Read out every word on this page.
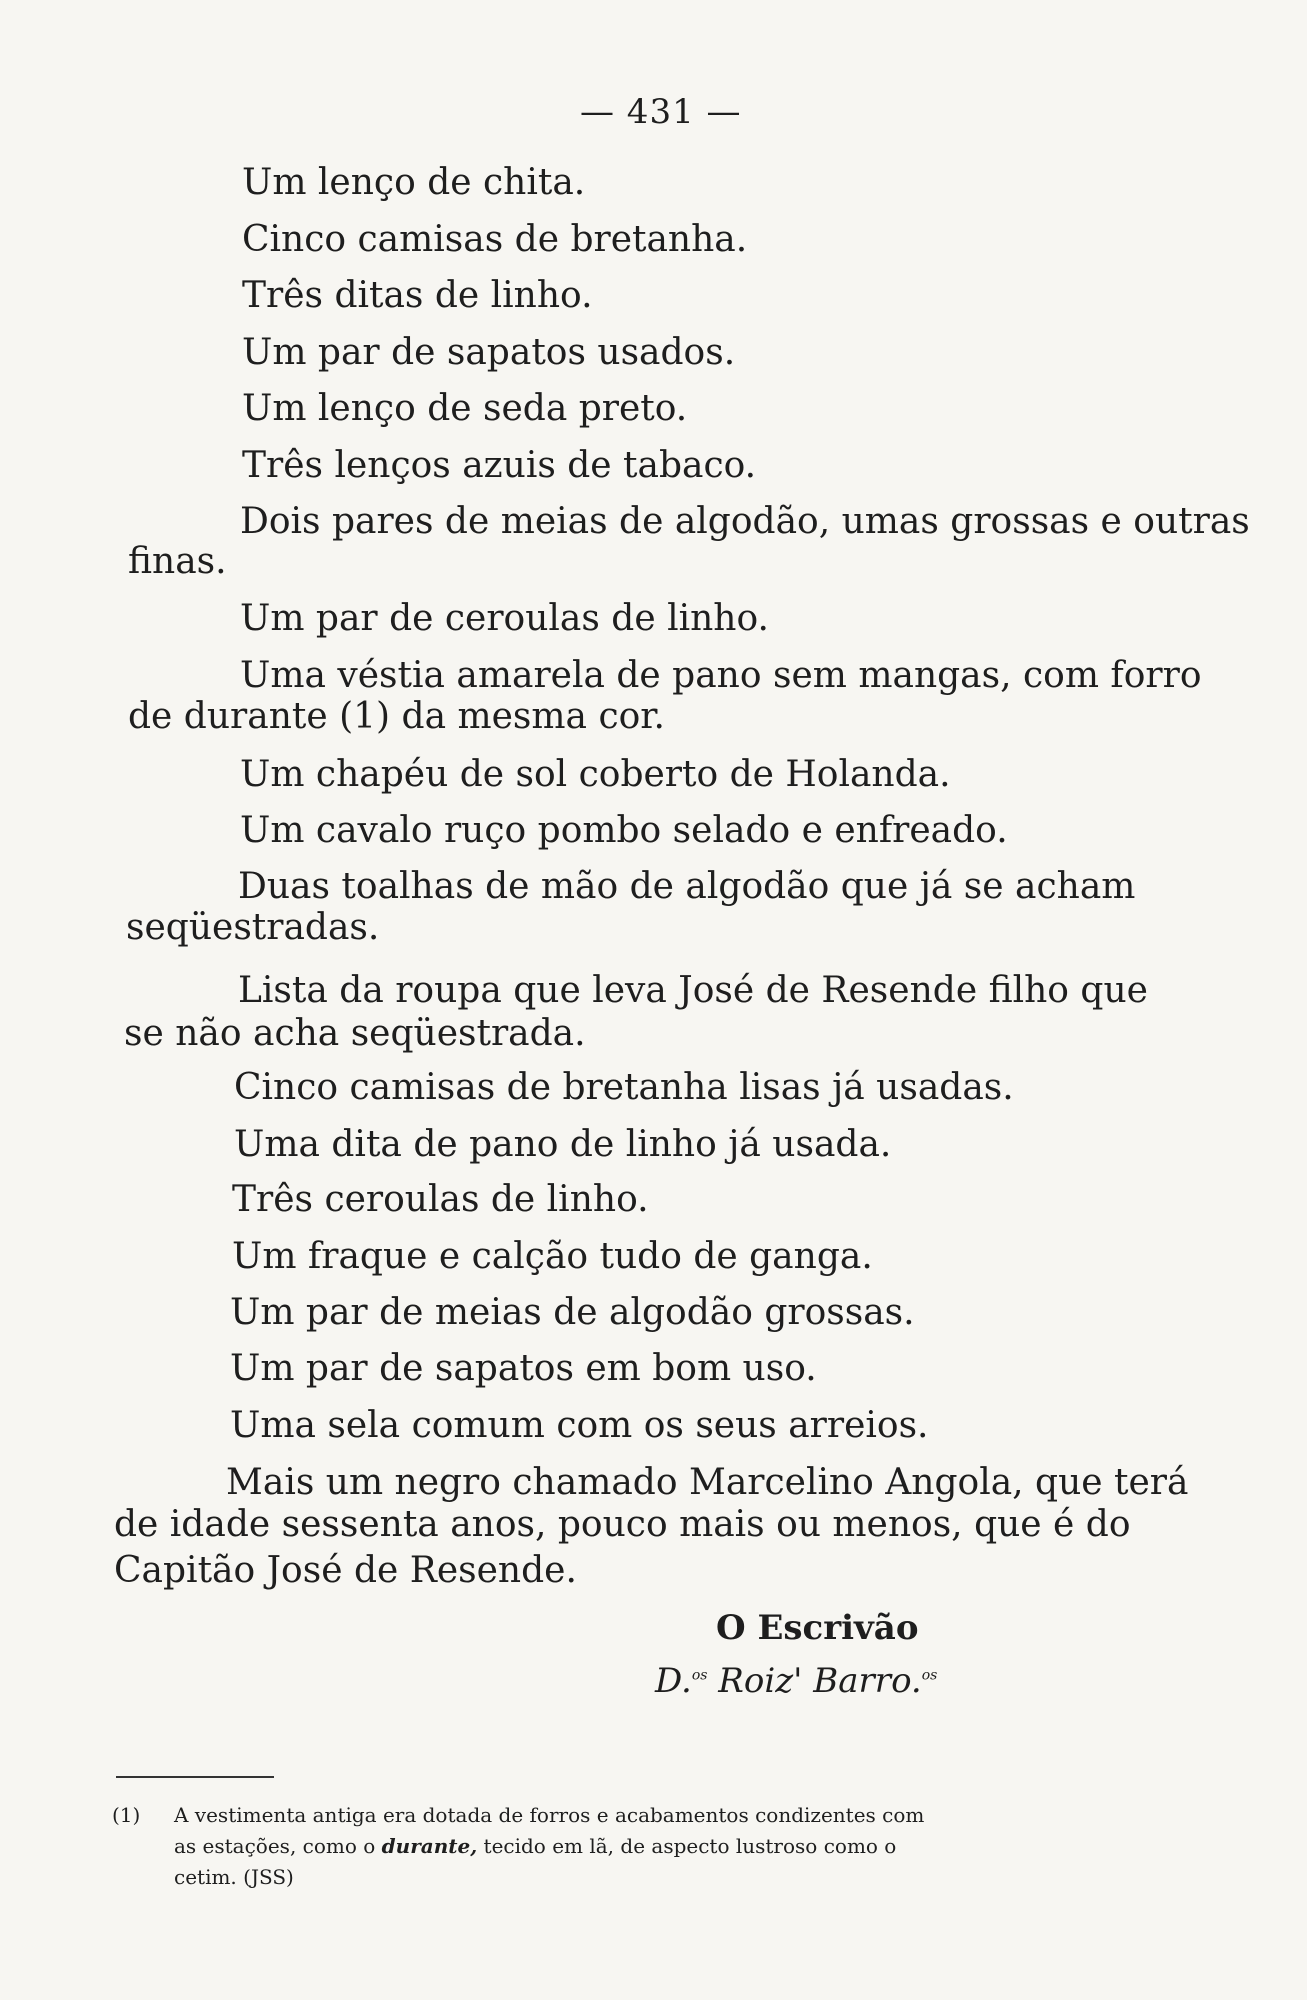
— 431 —
Um lenço de chita.
Cinco camisas de bretanha.
Três ditas de linho.
Um par de sapatos usados.
Um lenço de seda preto.
Três lenços azuis de tabaco.
Dois pares de meias de algodão, umas grossas e outras
finas.
Um par de ceroulas de linho.
Uma véstia amarela de pano sem mangas, com forro
de durante (1) da mesma cor.
Um chapéu de sol coberto de Holanda.
Um cavalo ruço pombo selado e enfreado.
Duas toalhas de mão de algodão que já se acham
seqüestradas.
Lista da roupa que leva José de Resende filho que
se não acha seqüestrada.
Cinco camisas de bretanha lisas já usadas.
Uma dita de pano de linho já usada.
Três ceroulas de linho.
Um fraque e calção tudo de ganga.
Um par de meias de algodão grossas.
Um par de sapatos em bom uso.
Uma sela comum com os seus arreios.
Mais um negro chamado Marcelino Angola, que terá
de idade sessenta anos, pouco mais ou menos, que é do
Capitão José de Resende.
O Escrivão
D.$^{os}$ Roiz' Barro.$^{os}$
(1) A vestimenta antiga era dotada de forros e acabamentos condizentes com
as estações, como o durante, tecido em lã, de aspecto lustroso como o
cetim. (JSS)
